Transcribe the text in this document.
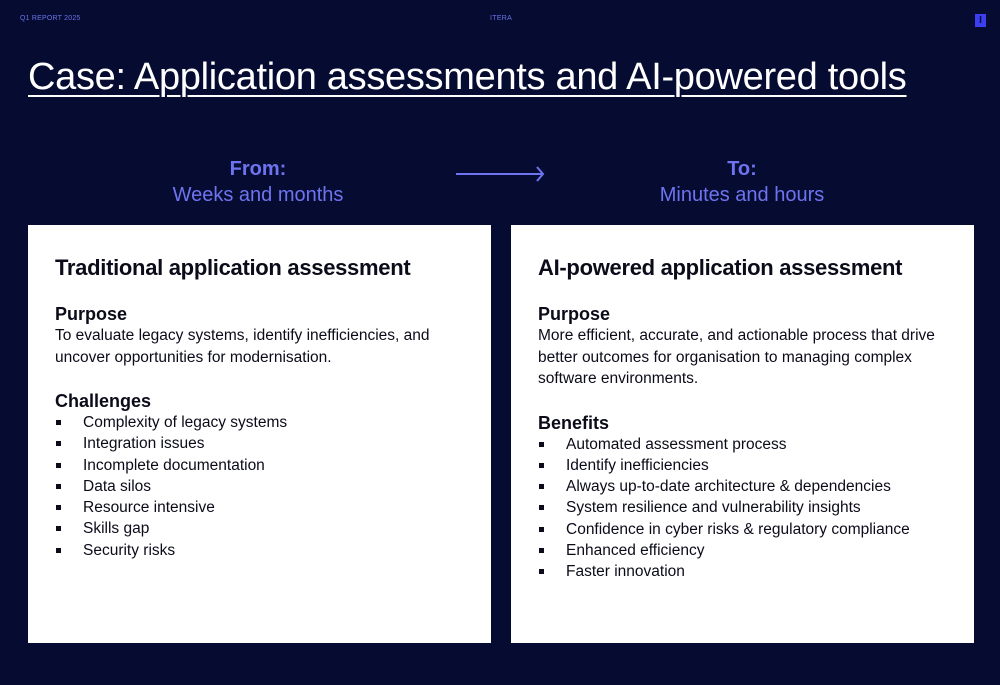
Q1 REPORT 2025	ITERA	I
Case: Application assessments and AI-powered tools
From:
Weeks and months
To:
Minutes and hours
Traditional application assessment
Purpose

To evaluate legacy systems, identify inefficiencies, and uncover opportunities for modernisation.

Challenges
Complexity of legacy systems
Integration issues
Incomplete documentation
Data silos
Resource intensive
Skills gap
Security risks
AI-powered application assessment
Purpose

More efficient, accurate, and actionable process that drive better outcomes for organisation to managing complex software environments.

Benefits
Automated assessment process
Identify inefficiencies
Always up-to-date architecture & dependencies
System resilience and vulnerability insights
Confidence in cyber risks & regulatory compliance
Enhanced efficiency
Faster innovation
